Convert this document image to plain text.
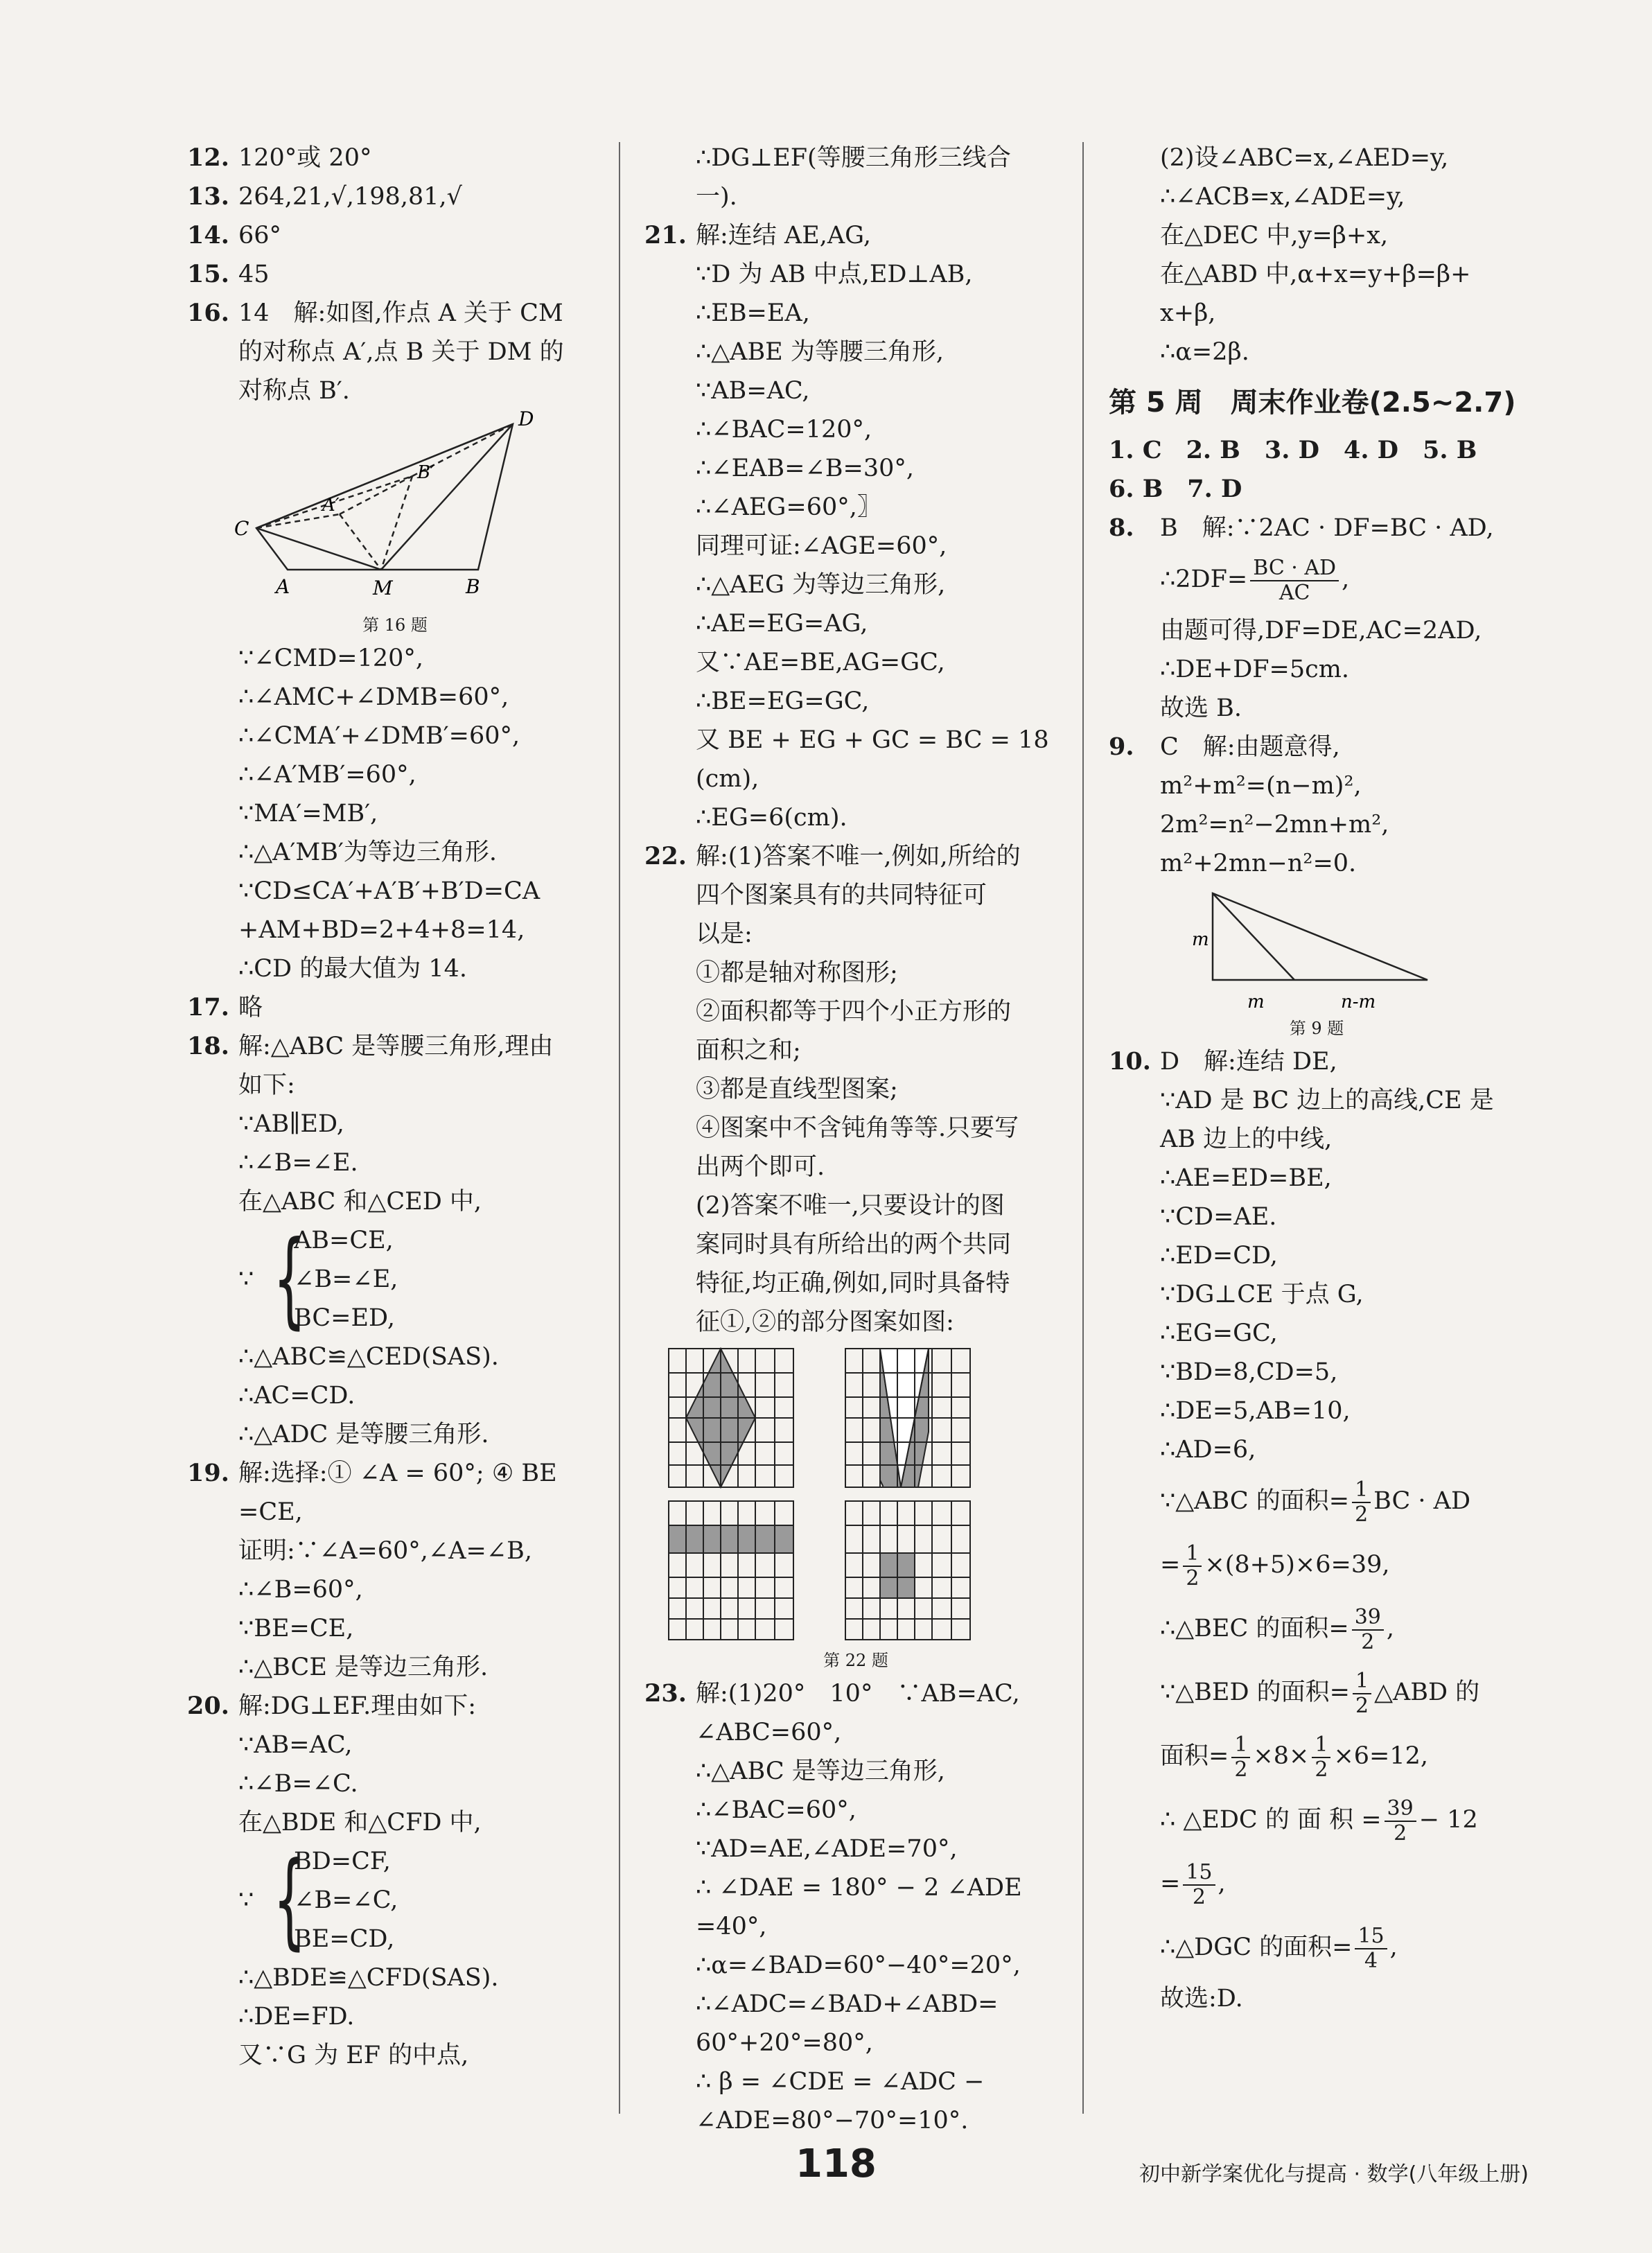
12. 120°或 20°
13. 264,21,√,198,81,√
14. 66°
15. 45
16. 14　解:如图,作点 A 关于 CM
的对称点 A′,点 B 关于 DM 的
对称点 B′.
C
D
A	M	B
A′
B′
第 16 题
∵∠CMD=120°,
∴∠AMC+∠DMB=60°,
∴∠CMA′+∠DMB′=60°,
∴∠A′MB′=60°,
∵MA′=MB′,
∴△A′MB′为等边三角形.
∵CD≤CA′+A′B′+B′D=CA
+AM+BD=2+4+8=14,
∴CD 的最大值为 14.
17. 略
18. 解:△ABC 是等腰三角形,理由
如下:
∵AB∥ED,
∴∠B=∠E.
在△ABC 和△CED 中,
∵ {
AB=CE,
∠B=∠E,
BC=ED,
∴△ABC≌△CED(SAS).
∴AC=CD.
∴△ADC 是等腰三角形.
19. 解:选择:① ∠A = 60°; ④ BE
=CE,
证明:∵∠A=60°,∠A=∠B,
∴∠B=60°,
∵BE=CE,
∴△BCE 是等边三角形.
20. 解:DG⊥EF.理由如下:
∵AB=AC,
∴∠B=∠C.
在△BDE 和△CFD 中,
∵ {
BD=CF,
∠B=∠C,
BE=CD,
∴△BDE≌△CFD(SAS).
∴DE=FD.
又∵G 为 EF 的中点,
∴DG⊥EF(等腰三角形三线合
一).
21. 解:连结 AE,AG,
∵D 为 AB 中点,ED⊥AB,
∴EB=EA,
∴△ABE 为等腰三角形,
∵AB=AC,
∴∠BAC=120°,
∴∠EAB=∠B=30°,
∴∠AEG=60°,〗
同理可证:∠AGE=60°,
∴△AEG 为等边三角形,
∴AE=EG=AG,
又∵AE=BE,AG=GC,
∴BE=EG=GC,
又 BE + EG + GC = BC = 18
(cm),
∴EG=6(cm).
22. 解:(1)答案不唯一,例如,所给的
四个图案具有的共同特征可
以是:
①都是轴对称图形;
②面积都等于四个小正方形的
面积之和;
③都是直线型图案;
④图案中不含钝角等等.只要写
出两个即可.
(2)答案不唯一,只要设计的图
案同时具有所给出的两个共同
特征,均正确,例如,同时具备特
征①,②的部分图案如图:
第 22 题
23. 解:(1)20°　10°　∵AB=AC,
∠ABC=60°,
∴△ABC 是等边三角形,
∴∠BAC=60°,
∵AD=AE,∠ADE=70°,
∴ ∠DAE = 180° − 2 ∠ADE
=40°,
∴α=∠BAD=60°−40°=20°,
∴∠ADC=∠BAD+∠ABD=
60°+20°=80°,
∴ β = ∠CDE = ∠ADC −
∠ADE=80°−70°=10°.
(2)设∠ABC=x,∠AED=y,
∴∠ACB=x,∠ADE=y,
在△DEC 中,y=β+x,
在△ABD 中,α+x=y+β=β+
x+β,
∴α=2β.
第 5 周　周末作业卷(2.5~2.7)
1. C　2. B　3. D　4. D　5. B
6. B　7. D
8.	B　解:∵2AC · DF=BC · AD,
∴2DF= $\frac{BC \cdot AD}{AC}$ ,
由题可得,DF=DE,AC=2AD,
∴DE+DF=5cm.
故选 B.
9.	C　解:由题意得,
m²+m²=(n−m)²,
2m²=n²−2mn+m²,
m²+2mn−n²=0.
m
m	n-m
第 9 题
10. D　解:连结 DE,
∵AD 是 BC 边上的高线,CE 是
AB 边上的中线,
∴AE=ED=BE,
∵CD=AE.
∴ED=CD,
∵DG⊥CE 于点 G,
∴EG=GC,
∵BD=8,CD=5,
∴DE=5,AB=10,
∴AD=6,
∵△ABC 的面积= $\frac{1}{2}$ BC · AD
= $\frac{1}{2} \times(8+5)\times 6=39$,
∴△BEC 的面积= $\frac{39}{2}$ ,
∵△BED 的面积= $\frac{1}{2}$ △ABD 的
面积= $\frac{1}{2} \times 8\times \frac{1}{2} \times 6=12$,
∴ △EDC 的 面 积 = $\frac{39}{2} - 12$
= $\frac{15}{2}$ ,
∴△DGC 的面积= $\frac{15}{4}$ ,
故选:D.
118	初中新学案优化与提高 · 数学(八年级上册)
